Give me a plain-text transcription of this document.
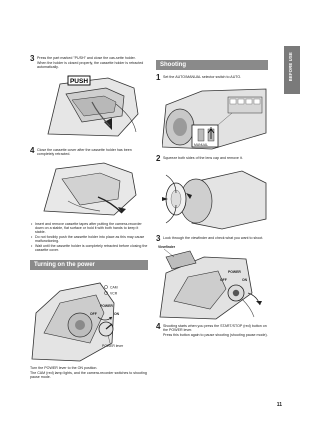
BEFORE USE
3 Press the part marked "PUSH" and close the cas-sette holder.
When the holder is closed properly, the cassette holder is retracted automatically.

PUSH
4 Close the cassette cover after the cassette holder has been completely retracted.

• Insert and remove cassette tapes after putting the camera-recorder down on a stable, flat surface or hold it with both hands to keep it stable.
• Do not forcibly push the cassette holder into place as this may cause malfunctioning.
• Wait until the cassette holder is completely retracted before closing the cassette cover.
Turning on the power
CAM
VCR
POWER
OFF	ON
POWER lever

Turn the POWER lever to the ON position.
The CAM (red) lamp lights, and the camera-recorder switches to shooting pause mode.

Shooting
1 Set the AUTO/MANUAL selector switch to AUTO.

MANUAL
2 Squeeze both sides of the lens cap and remove it.

3 Look through the viewfinder and check what you want to shoot.

Viewfinder
POWER
OFF	ON
4 Shooting starts when you press the START/STOP (red) button on the POWER lever.
Press this button again to pause shooting (shooting pause mode).

11
